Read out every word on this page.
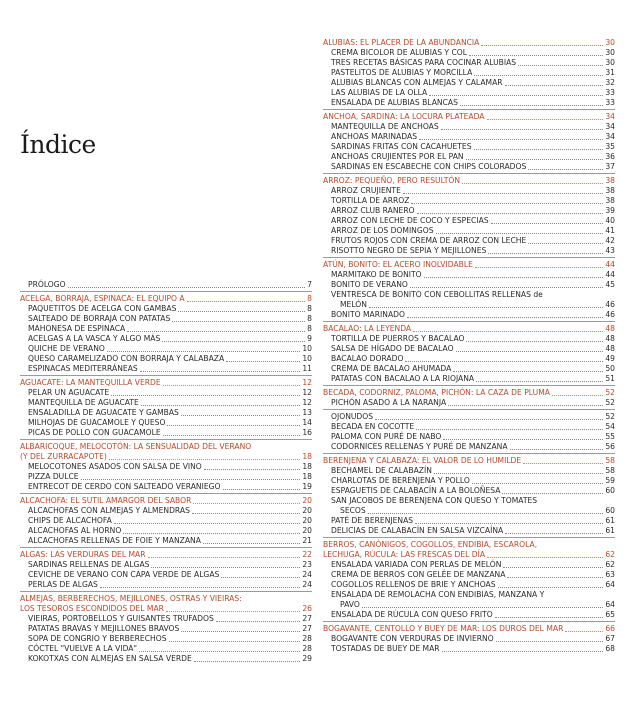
Índice
PRÓLOGO	7
ACELGA, BORRAJA, ESPINACA: EL EQUIPO A	8
PAQUETITOS DE ACELGA CON GAMBAS	8
SALTEADO DE BORRAJA CON PATATAS	8
MAHONESA DE ESPINACA	8
ACELGAS A LA VASCA Y ALGO MÁS	9
QUICHE DE VERANO	10
QUESO CARAMELIZADO CON BORRAJA Y CALABAZA	10
ESPINACAS MEDITERRÁNEAS	11
AGUACATE: LA MANTEQUILLA VERDE	12
PELAR UN AGUACATE	12
MANTEQUILLA DE AGUACATE	12
ENSALADILLA DE AGUACATE Y GAMBAS	13
MILHOJAS DE GUACAMOLE Y QUESO	14
PICAS DE POLLO CON GUACAMOLE	16
ALBARICOQUE, MELOCOTÓN: LA SENSUALIDAD DEL VERANO
(Y DEL ZURRACAPOTE)	18
MELOCOTONES ASADOS CON SALSA DE VINO	18
PIZZA DULCE	18
ENTRECOT DE CERDO CON SALTEADO VERANIEGO	19
ALCACHOFA: EL SUTIL AMARGOR DEL SABOR	20
ALCACHOFAS CON ALMEJAS Y ALMENDRAS	20
CHIPS DE ALCACHOFA	20
ALCACHOFAS AL HORNO	20
ALCACHOFAS RELLENAS DE FOIE Y MANZANA	21
ALGAS: LAS VERDURAS DEL MAR	22
SARDINAS RELLENAS DE ALGAS	23
CEVICHE DE VERANO CON CAPA VERDE DE ALGAS	24
PERLAS DE ALGAS	24
ALMEJAS, BERBERECHOS, MEJILLONES, OSTRAS Y VIEIRAS:
LOS TESOROS ESCONDIDOS DEL MAR	26
VIEIRAS, PORTOBELLOS Y GUISANTES TRUFADOS	27
PATATAS BRAVAS Y MEJILLONES BRAVOS	27
SOPA DE CONGRIO Y BERBERECHOS	28
CÓCTEL "VUELVE A LA VIDA"	28
KOKOTXAS CON ALMEJAS EN SALSA VERDE	29
ALUBIAS: EL PLACER DE LA ABUNDANCIA	30
CREMA BICOLOR DE ALUBIAS Y COL	30
TRES RECETAS BÁSICAS PARA COCINAR ALUBIAS	30
PASTELITOS DE ALUBIAS Y MORCILLA	31
ALUBIAS BLANCAS CON ALMEJAS Y CALAMAR	32
LAS ALUBIAS DE LA OLLA	33
ENSALADA DE ALUBIAS BLANCAS	33
ANCHOA, SARDINA: LA LOCURA PLATEADA	34
MANTEQUILLA DE ANCHOAS	34
ANCHOAS MARINADAS	34
SARDINAS FRITAS CON CACAHUETES	35
ANCHOAS CRUJIENTES POR EL PAN	36
SARDINAS EN ESCABECHE CON CHIPS COLORADOS	37
ARROZ: PEQUEÑO, PERO RESULTÓN	38
ARROZ CRUJIENTE	38
TORTILLA DE ARROZ	38
ARROZ CLUB RANERO	39
ARROZ CON LECHE DE COCO Y ESPECIAS	40
ARROZ DE LOS DOMINGOS	41
FRUTOS ROJOS CON CREMA DE ARROZ CON LECHE	42
RISOTTO NEGRO DE SEPIA Y MEJILLONES	43
ATÚN, BONITO: EL ACERO INOLVIDABLE	44
MARMITAKO DE BONITO	44
BONITO DE VERANO	45
VENTRESCA DE BONITO CON CEBOLLITAS RELLENAS de
MELÓN	46
BONITO MARINADO	46
BACALAO: LA LEYENDA	48
TORTILLA DE PUERROS Y BACALAO	48
SALSA DE HÍGADO DE BACALAO	48
BACALAO DORADO	49
CREMA DE BACALAO AHUMADA	50
PATATAS CON BACALAO A LA RIOJANA	51
BECADA, CODORNIZ, PALOMA, PICHÓN: LA CAZA DE PLUMA	52
PICHÓN ASADO A LA NARANJA	52
OJONUDOS	52
BECADA EN COCOTTE	54
PALOMA CON PURÉ DE NABO	55
CODORNICES RELLENAS Y PURÉ DE MANZANA	56
BERENJENA Y CALABAZA: EL VALOR DE LO HUMILDE	58
BECHAMEL DE CALABAZÍN	58
CHARLOTAS DE BERENJENA Y POLLO	59
ESPAGUETIS DE CALABACÍN A LA BOLOÑESA	60
SAN JACOBOS DE BERENJENA CON QUESO Y TOMATES
SECOS	60
PATÉ DE BERENJENAS	61
DELICIAS DE CALABACÍN EN SALSA VIZCAÍNA	61
BERROS, CANÓNIGOS, COGOLLOS, ENDIBIA, ESCAROLA,
LECHUGA, RÚCULA: LAS FRESCAS DEL DÍA	62
ENSALADA VARIADA CON PERLAS DE MELÓN	62
CREMA DE BERROS CON GELÉE DE MANZANA	63
COGOLLOS RELLENOS DE BRIE Y ANCHOAS	64
ENSALADA DE REMOLACHA CON ENDIBIAS, MANZANA Y
PAVO	64
ENSALADA DE RÚCULA CON QUESO FRITO	65
BOGAVANTE, CENTOLLO Y BUEY DE MAR: LOS DUROS DEL MAR	66
BOGAVANTE CON VERDURAS DE INVIERNO	67
TOSTADAS DE BUEY DE MAR	68
